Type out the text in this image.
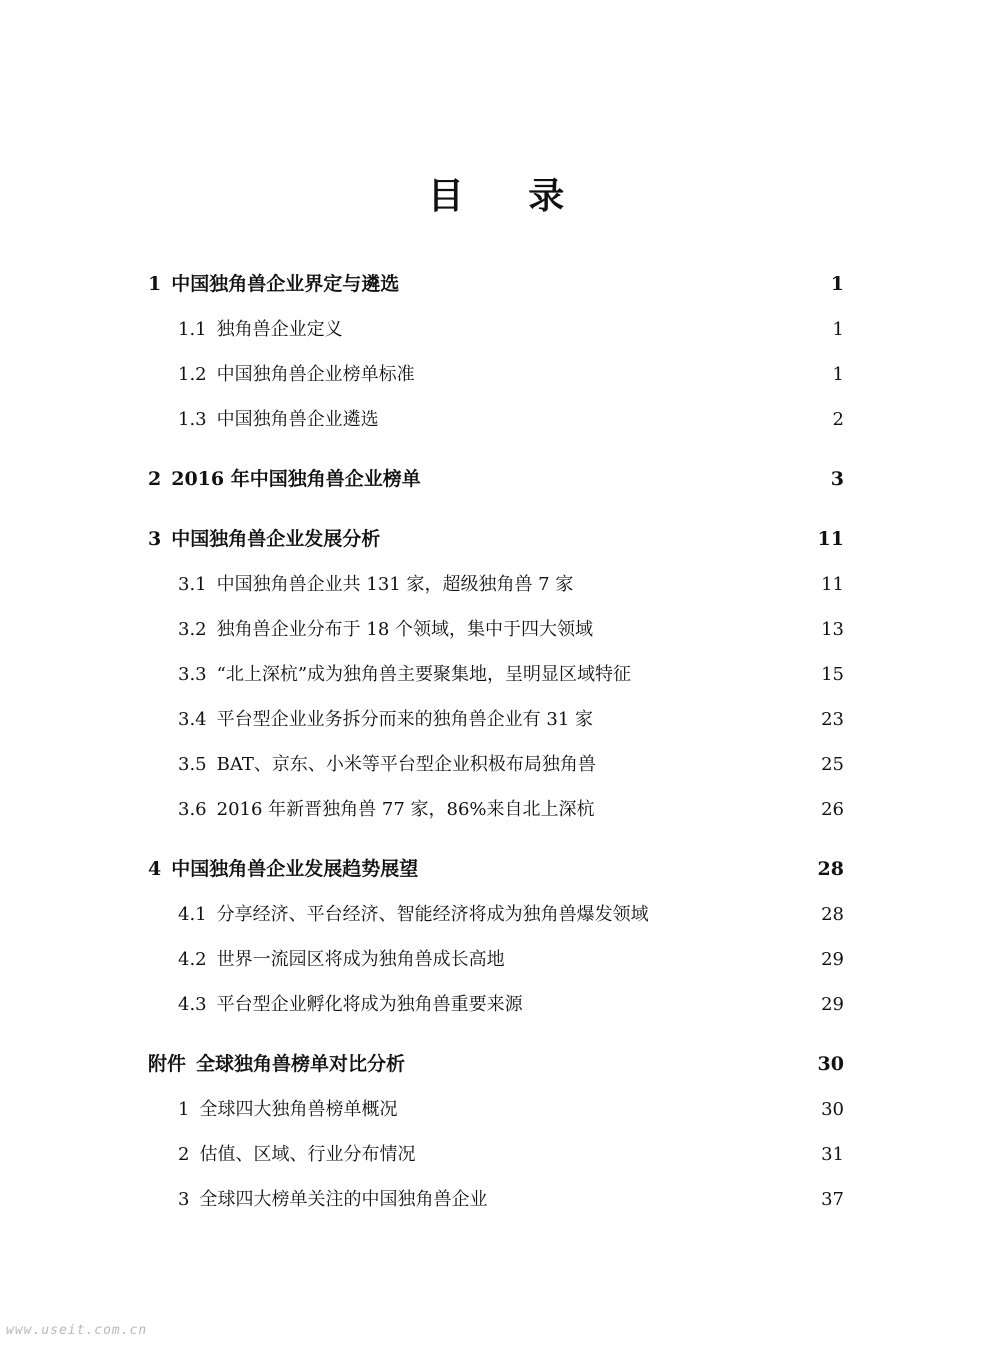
目 录
1 中国独角兽企业界定与遴选 ·····	1
1.1 独角兽企业定义 ·····	1
1.2 中国独角兽企业榜单标准 ·····	1
1.3 中国独角兽企业遴选 ·····	2
2 2016 年中国独角兽企业榜单 ·····	3
3 中国独角兽企业发展分析 ·····	11
3.1 中国独角兽企业共 131 家，超级独角兽 7 家 ·····	11
3.2 独角兽企业分布于 18 个领域，集中于四大领域 ·····	13
3.3 “北上深杭”成为独角兽主要聚集地，呈明显区域特征 ·····	15
3.4 平台型企业业务拆分而来的独角兽企业有 31 家 ·····	23
3.5 BAT、京东、小米等平台型企业积极布局独角兽 ·····	25
3.6 2016 年新晋独角兽 77 家，86%来自北上深杭 ·····	26
4 中国独角兽企业发展趋势展望 ·····	28
4.1 分享经济、平台经济、智能经济将成为独角兽爆发领域 ·····	28
4.2 世界一流园区将成为独角兽成长高地 ·····	29
4.3 平台型企业孵化将成为独角兽重要来源 ·····	29
附件 全球独角兽榜单对比分析 ·····	30
1 全球四大独角兽榜单概况 ·····	30
2 估值、区域、行业分布情况 ·····	31
3 全球四大榜单关注的中国独角兽企业 ·····	37
www.useit.com.cn
